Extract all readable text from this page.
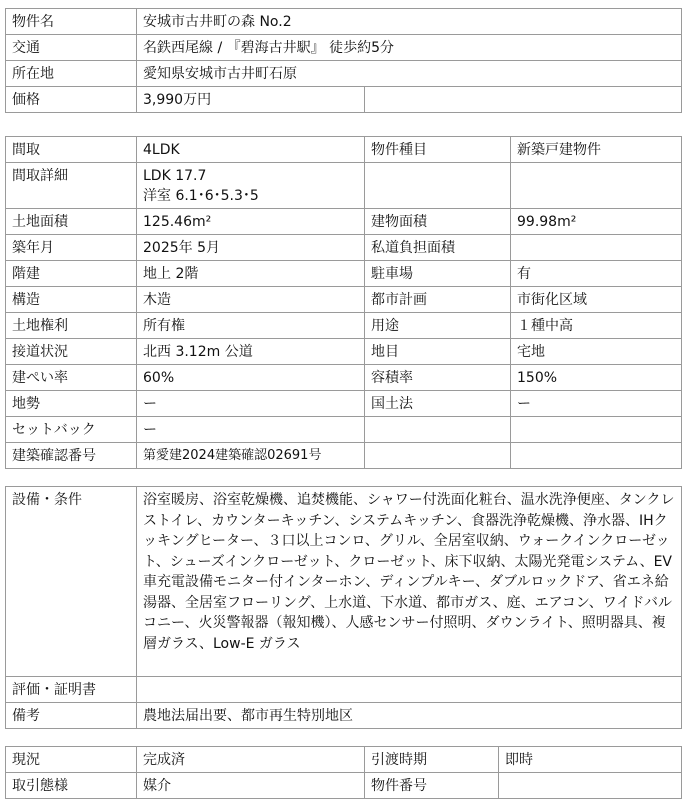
物件名	安城市古井町の森 No.2	
交通	名鉄西尾線 / 『碧海古井駅』 徒歩約5分	
所在地	愛知県安城市古井町石原	
価格	3,990万円	
間取	4LDK	物件種目	新築戸建物件
間取詳細	LDK 17.7
洋室 6.1･6･5.3･5		

土地面積	125.46m²	建物面積	99.98m²
築年月	2025年 5月	私道負担面積	
階建	地上 2階	駐車場	有
構造	木造	都市計画	市街化区域
土地権利	所有権	用途	１種中高
接道状況	北西 3.12m 公道	地目	宅地
建ぺい率	60%	容積率	150%
地勢	ー	国土法	ー
セットバック	ー		
建築確認番号	第愛建2024建築確認02691号		
設備・条件	浴室暖房、浴室乾燥機、追焚機能、シャワー付洗面化粧台、温水洗浄便座、タンクレストイレ、カウンターキッチン、システムキッチン、食器洗浄乾燥機、浄水器、IHクッキングヒーター、３口以上コンロ、グリル、全居室収納、ウォークインクローゼット、シューズインクローゼット、クローゼット、床下収納、太陽光発電システム、EV車充電設備モニター付インターホン、ディンプルキー、ダブルロックドア、省エネ給湯器、全居室フローリング、上水道、下水道、都市ガス、庭、エアコン、ワイドバルコニー、火災警報器（報知機）、人感センサー付照明、ダウンライト、照明器具、複層ガラス、Low-E ガラス
評価・証明書	
備考	農地法届出要、都市再生特別地区
現況	完成済	引渡時期	即時
取引態様	媒介	物件番号	
